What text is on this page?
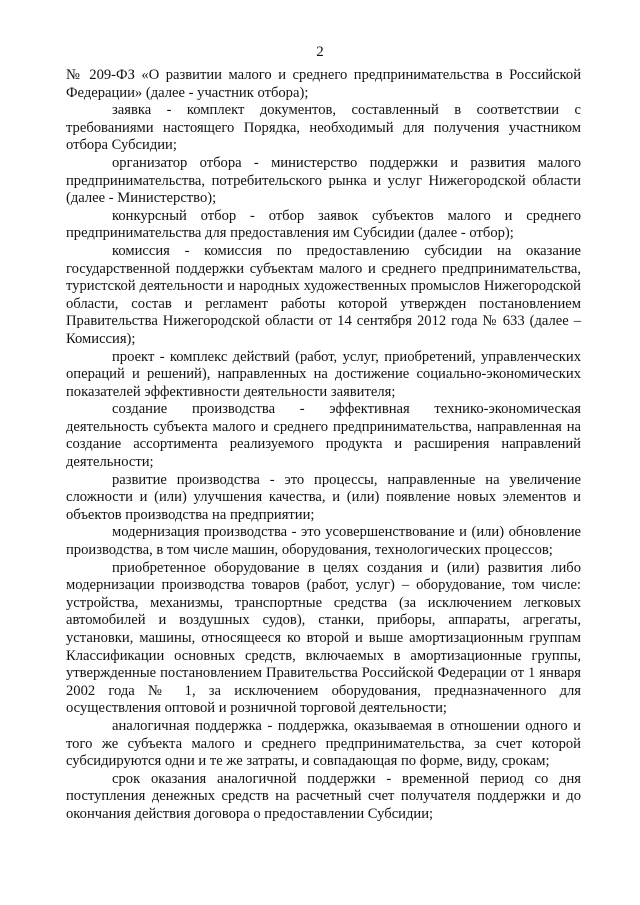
2

№ 209-ФЗ «О развитии малого и среднего предпринимательства в Российской Федерации» (далее - участник отбора);

заявка - комплект документов, составленный в соответствии с требованиями настоящего Порядка, необходимый для получения участником отбора Субсидии;

организатор отбора - министерство поддержки и развития малого предпринимательства, потребительского рынка и услуг Нижегородской области (далее - Министерство);

конкурсный отбор - отбор заявок субъектов малого и среднего предпринимательства для предоставления им Субсидии (далее - отбор);

комиссия - комиссия по предоставлению субсидии на оказание государственной поддержки субъектам малого и среднего предпринимательства, туристской деятельности и народных художественных промыслов Нижегородской области, состав и регламент работы которой утвержден постановлением Правительства Нижегородской области от 14 сентября 2012 года № 633 (далее – Комиссия);

проект - комплекс действий (работ, услуг, приобретений, управленческих операций и решений), направленных на достижение социально-экономических показателей эффективности деятельности заявителя;

создание производства - эффективная технико-экономическая деятельность субъекта малого и среднего предпринимательства, направленная на создание ассортимента реализуемого продукта и расширения направлений деятельности;

развитие производства - это процессы, направленные на увеличение сложности и (или) улучшения качества, и (или) появление новых элементов и объектов производства на предприятии;

модернизация производства - это усовершенствование и (или) обновление производства, в том числе машин, оборудования, технологических процессов;

приобретенное оборудование в целях создания и (или) развития либо модернизации производства товаров (работ, услуг) – оборудование, том числе: устройства, механизмы, транспортные средства (за исключением легковых автомобилей и воздушных судов), станки, приборы, аппараты, агрегаты, установки, машины, относящееся ко второй и выше амортизационным группам Классификации основных средств, включаемых в амортизационные группы, утвержденные постановлением Правительства Российской Федерации от 1 января 2002 года № 1, за исключением оборудования, предназначенного для осуществления оптовой и розничной торговой деятельности;

аналогичная поддержка - поддержка, оказываемая в отношении одного и того же субъекта малого и среднего предпринимательства, за счет которой субсидируются одни и те же затраты, и совпадающая по форме, виду, срокам;

срок оказания аналогичной поддержки - временной период со дня поступления денежных средств на расчетный счет получателя поддержки и до окончания действия договора о предоставлении Субсидии;
